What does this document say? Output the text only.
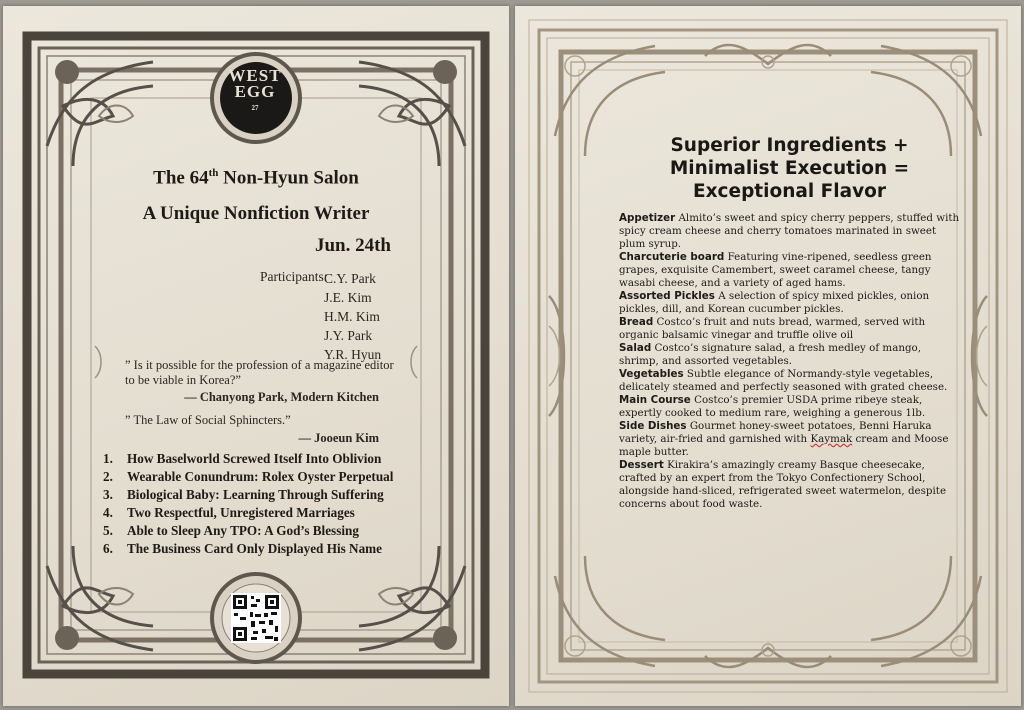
WEST
EGG
27
The 64th Non-Hyun Salon
A Unique Nonfiction Writer
Jun. 24th
Participants:
C.Y. Park
J.E. Kim
H.M. Kim
J.Y. Park
Y.R. Hyun
” Is it possible for the profession of a magazine editor to be viable in Korea?”
— Chanyong Park, Modern Kitchen
” The Law of Social Sphincters.”
— Jooeun Kim
1. How Baselworld Screwed Itself Into Oblivion
2. Wearable Conundrum: Rolex Oyster Perpetual
3. Biological Baby: Learning Through Suffering
4. Two Respectful, Unregistered Marriages
5. Able to Sleep Any TPO: A God’s Blessing
6. The Business Card Only Displayed His Name
Superior Ingredients +
Minimalist Execution =
Exceptional Flavor

Appetizer Almito’s sweet and spicy cherry peppers, stuffed with spicy cream cheese and cherry tomatoes marinated in sweet plum syrup.

Charcuterie board Featuring vine-ripened, seedless green grapes, exquisite Camembert, sweet caramel cheese, tangy wasabi cheese, and a variety of aged hams.

Assorted Pickles A selection of spicy mixed pickles, onion pickles, dill, and Korean cucumber pickles.

Bread Costco’s fruit and nuts bread, warmed, served with organic balsamic vinegar and truffle olive oil

Salad Costco’s signature salad, a fresh medley of mango, shrimp, and assorted vegetables.

Vegetables Subtle elegance of Normandy-style vegetables, delicately steamed and perfectly seasoned with grated cheese.

Main Course Costco’s premier USDA prime ribeye steak, expertly cooked to medium rare, weighing a generous 1lb.

Side Dishes Gourmet honey-sweet potatoes, Benni Haruka variety, air-fried and garnished with Kaymak cream and Moose maple butter.

Dessert Kirakira’s amazingly creamy Basque cheesecake, crafted by an expert from the Tokyo Confectionery School, alongside hand-sliced, refrigerated sweet watermelon, despite concerns about food waste.
